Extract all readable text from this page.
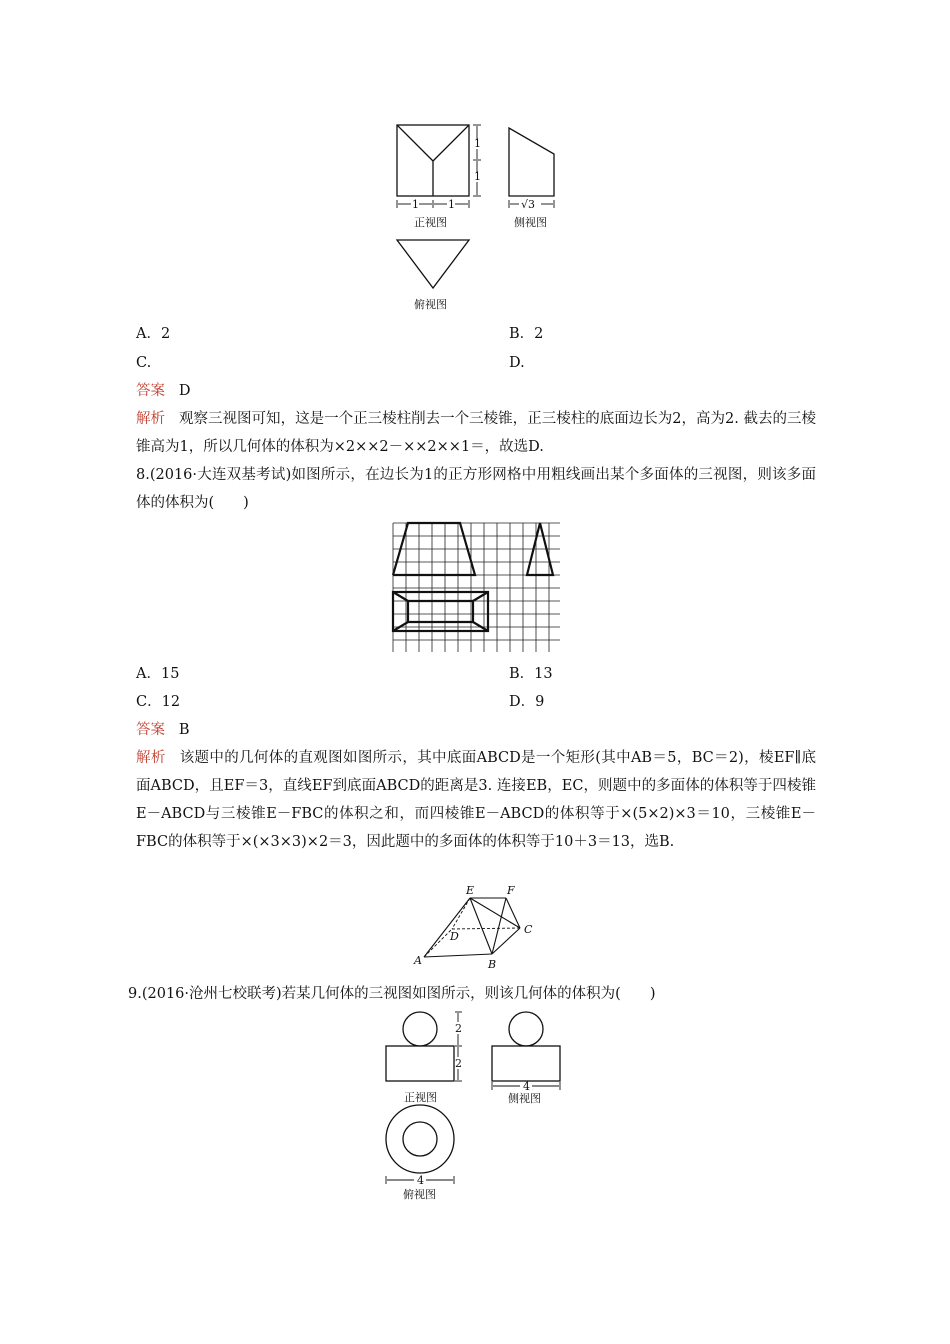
1
1
1	1
正视图
√3
侧视图
俯视图
A．2	B．2
C.	D.
答案 D
解析 观察三视图可知，这是一个正三棱柱削去一个三棱锥，正三棱柱的底面边长为2，高为2. 截去的三棱锥高为1，所以几何体的体积为×2××2－××2××1＝，故选D.
8.(2016·大连双基考试)如图所示，在边长为1的正方形网格中用粗线画出某个多面体的三视图，则该多面体的体积为(　　)
A．15	B．13
C．12	D．9
答案 B
解析 该题中的几何体的直观图如图所示，其中底面ABCD是一个矩形(其中AB＝5，BC＝2)，棱EF∥底面ABCD，且EF＝3，直线EF到底面ABCD的距离是3. 连接EB，EC，则题中的多面体的体积等于四棱锥E－ABCD与三棱锥E－FBC的体积之和，而四棱锥E－ABCD的体积等于×(5×2)×3＝10，三棱锥E－FBC的体积等于×(×3×3)×2＝3，因此题中的多面体的体积等于10＋3＝13，选B.
E	F
D
C
A	B
9.(2016·沧州七校联考)若某几何体的三视图如图所示，则该几何体的体积为(　　)
2
2
正视图
4
侧视图
4
俯视图
